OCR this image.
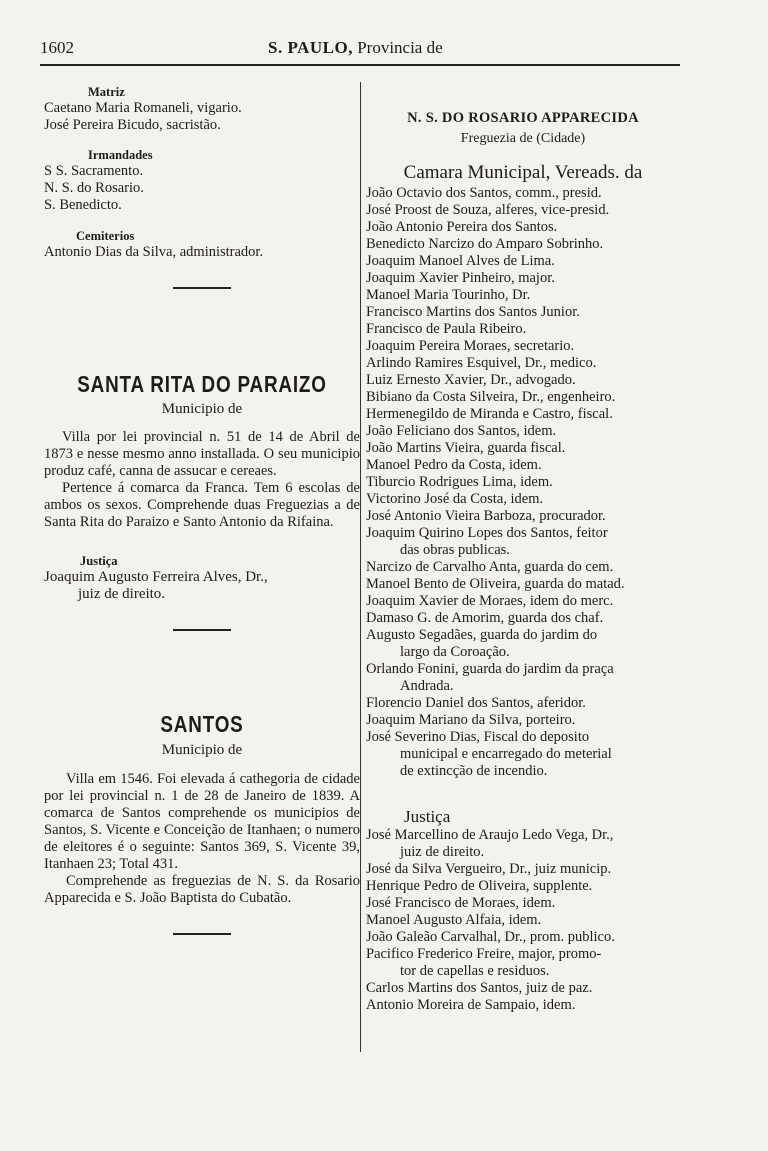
1602	S. PAULO, Provincia de
Matriz
Caetano Maria Romaneli, vigario.
José Pereira Bicudo, sacristão.
Irmandades
S S. Sacramento.
N. S. do Rosario.
S. Benedicto.
Cemiterios
Antonio Dias da Silva, administrador.
SANTA RITA DO PARAIZO
Municipio de
Villa por lei provincial n. 51 de 14 de Abril de 1873 e nesse mesmo anno installada. O seu municipio produz café, canna de assucar e cereaes.
Pertence á comarca da Franca. Tem 6 escolas de ambos os sexos. Comprehende duas Freguezias a de Santa Rita do Paraizo e Santo Antonio da Rifaina.
Justiça
Joaquim Augusto Ferreira Alves, Dr.,
juiz de direito.
SANTOS
Municipio de
Villa em 1546. Foi elevada á cathegoria de cidade por lei provincial n. 1 de 28 de Janeiro de 1839. A comarca de Santos comprehende os municipios de Santos, S. Vicente e Conceição de Itanhaen; o numero de eleitores é o seguinte: Santos 369, S. Vicente 39, Itanhaen 23; Total 431.
Comprehende as freguezias de N. S. da Rosario Apparecida e S. João Baptista do Cubatão.
N. S. DO ROSARIO APPARECIDA
Freguezia de (Cidade)
Camara Municipal, Vereads. da
João Octavio dos Santos, comm., presid.
José Proost de Souza, alferes, vice-presid.
João Antonio Pereira dos Santos.
Benedicto Narcizo do Amparo Sobrinho.
Joaquim Manoel Alves de Lima.
Joaquim Xavier Pinheiro, major.
Manoel Maria Tourinho, Dr.
Francisco Martins dos Santos Junior.
Francisco de Paula Ribeiro.
Joaquim Pereira Moraes, secretario.
Arlindo Ramires Esquivel, Dr., medico.
Luiz Ernesto Xavier, Dr., advogado.
Bibiano da Costa Silveira, Dr., engenheiro.
Hermenegildo de Miranda e Castro, fiscal.
João Feliciano dos Santos, idem.
João Martins Vieira, guarda fiscal.
Manoel Pedro da Costa, idem.
Tiburcio Rodrigues Lima, idem.
Victorino José da Costa, idem.
José Antonio Vieira Barboza, procurador.
Joaquim Quirino Lopes dos Santos, feitor
das obras publicas.
Narcizo de Carvalho Anta, guarda do cem.
Manoel Bento de Oliveira, guarda do matad.
Joaquim Xavier de Moraes, idem do merc.
Damaso G. de Amorim, guarda dos chaf.
Augusto Segadães, guarda do jardim do
largo da Coroação.
Orlando Fonini, guarda do jardim da praça
Andrada.
Florencio Daniel dos Santos, aferidor.
Joaquim Mariano da Silva, porteiro.
José Severino Dias, Fiscal do deposito
municipal e encarregado do meterial
de extincção de incendio.
Justiça
José Marcellino de Araujo Ledo Vega, Dr.,
juiz de direito.
José da Silva Vergueiro, Dr., juiz municip.
Henrique Pedro de Oliveira, supplente.
José Francisco de Moraes, idem.
Manoel Augusto Alfaia, idem.
João Galeão Carvalhal, Dr., prom. publico.
Pacifico Frederico Freire, major, promo-
tor de capellas e residuos.
Carlos Martins dos Santos, juiz de paz.
Antonio Moreira de Sampaio, idem.
